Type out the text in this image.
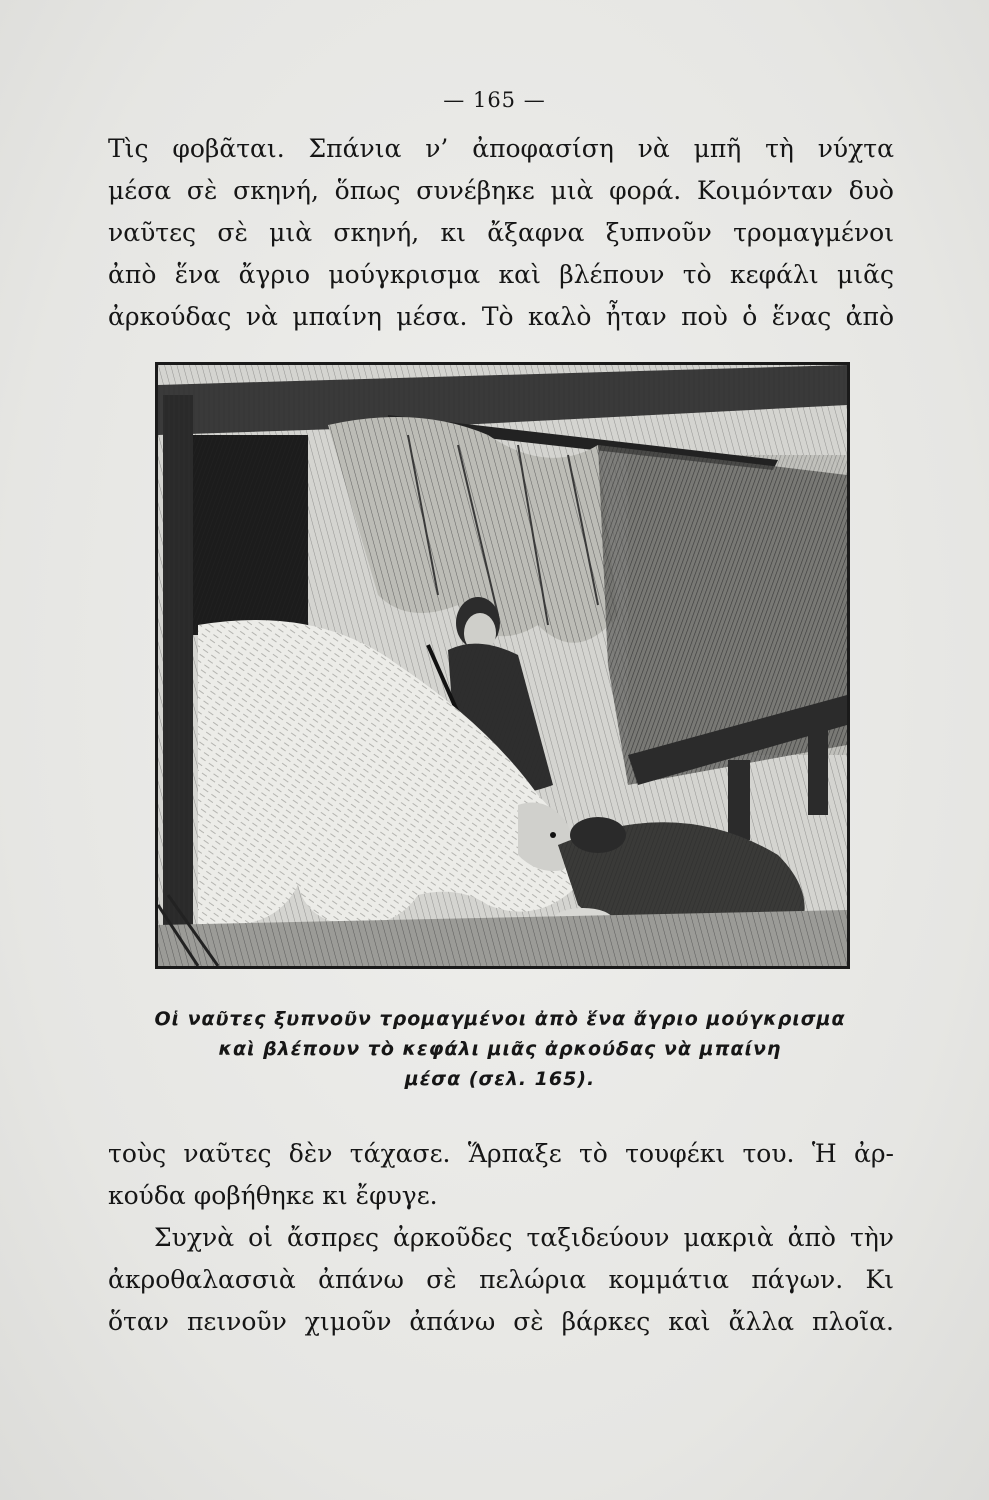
— 165 —
Τὶς φοβᾶται. Σπάνια ν’ ἀποφασίση νὰ μπῆ τὴ νύχτα
μέσα σὲ σκηνή, ὅπως συνέβηκε μιὰ φορά. Κοιμόνταν δυὸ
ναῦτες σὲ μιὰ σκηνή, κι ἄξαφνα ξυπνοῦν τρομαγμένοι
ἀπὸ ἕνα ἄγριο μούγκρισμα καὶ βλέπουν τὸ κεφάλι μιᾶς
ἀρκούδας νὰ μπαίνη μέσα. Τὸ καλὸ ἦταν ποὺ ὁ ἕνας ἀπὸ
Οἱ ναῦτες ξυπνοῦν τρομαγμένοι ἀπὸ ἕνα ἄγριο μούγκρισμα
καὶ βλέπουν τὸ κεφάλι μιᾶς ἀρκούδας νὰ μπαίνη
μέσα (σελ. 165).
τοὺς ναῦτες δὲν τάχασε. Ἅρπαξε τὸ τουφέκι του. Ἡ ἀρ-
κούδα φοβήθηκε κι ἔφυγε.
Συχνὰ οἱ ἄσπρες ἀρκοῦδες ταξιδεύουν μακριὰ ἀπὸ τὴν
ἀκροθαλασσιὰ ἀπάνω σὲ πελώρια κομμάτια πάγων. Κι
ὅταν πεινοῦν χιμοῦν ἀπάνω σὲ βάρκες καὶ ἄλλα πλοῖα.
